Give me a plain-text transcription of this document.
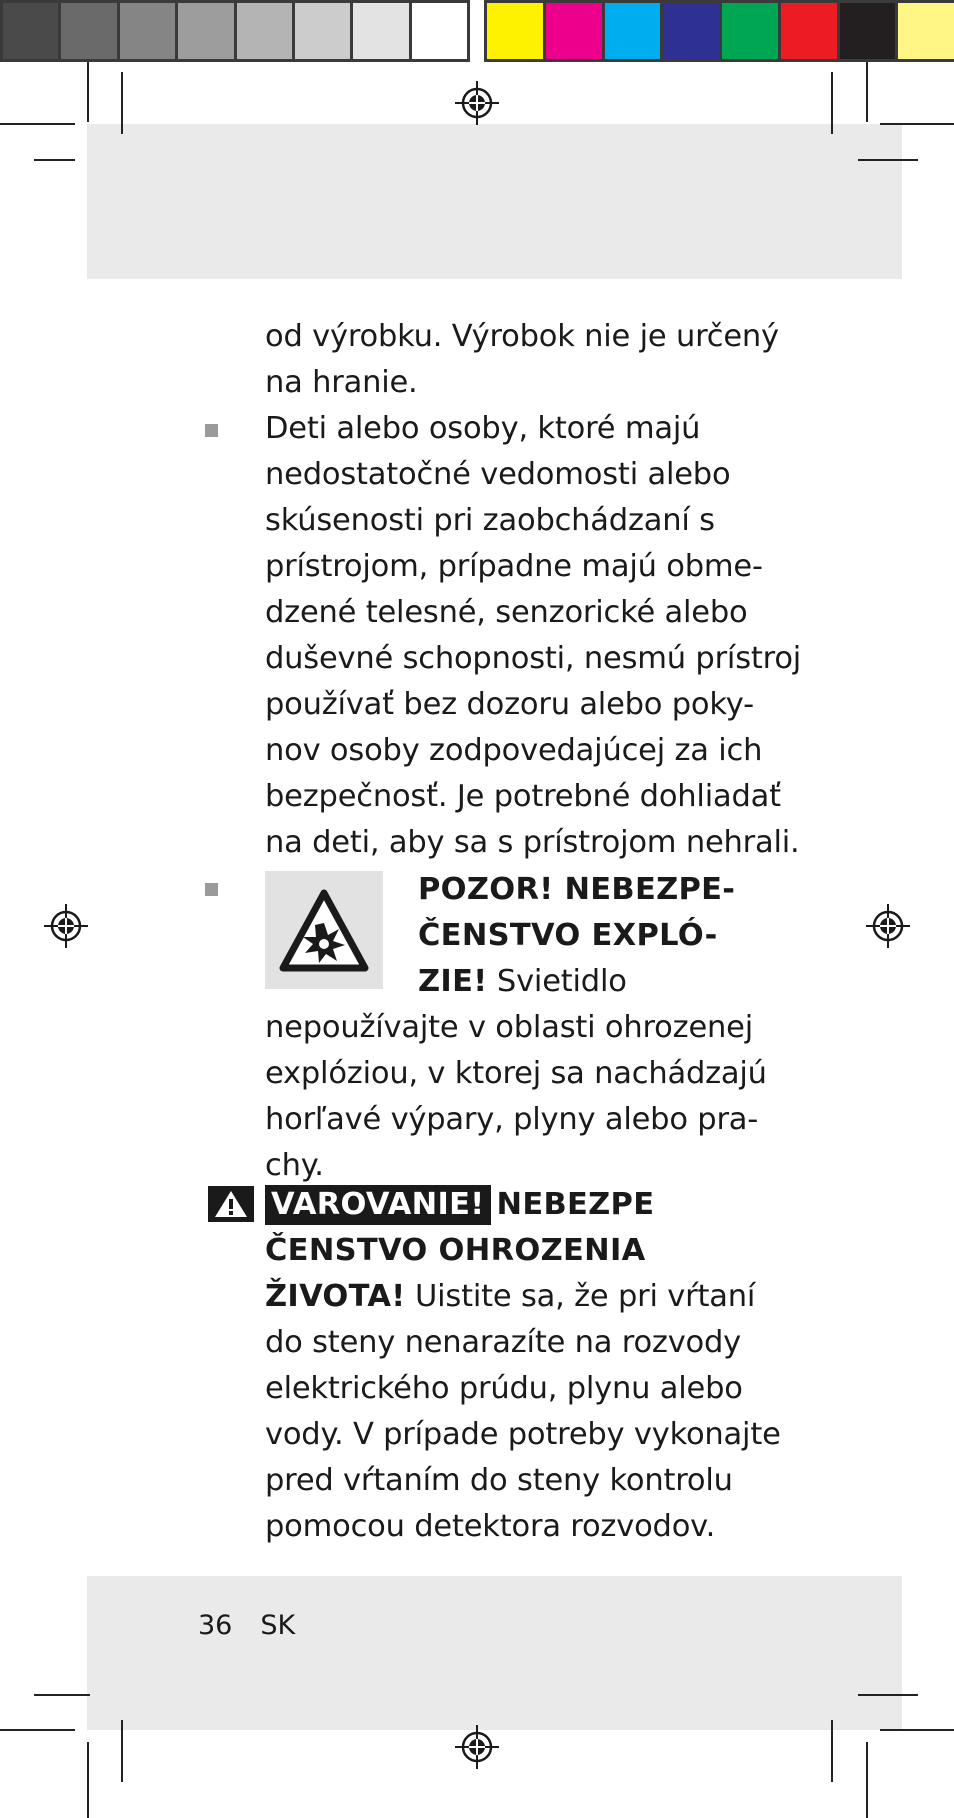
od výrobku. Výrobok nie je určený
na hranie.
Deti alebo osoby, ktoré majú
nedostatočné vedomosti alebo
skúsenosti pri zaobchádzaní s
prístrojom, prípadne majú obme-
dzené telesné, senzorické alebo
duševné schopnosti, nesmú prístroj
používať bez dozoru alebo poky-
nov osoby zodpovedajúcej za ich
bezpečnosť. Je potrebné dohliadať
na deti, aby sa s prístrojom nehrali.
POZOR! NEBEZPE-
ČENSTVO EXPLÓ-
ZIE! Svietidlo
nepoužívajte v oblasti ohrozenej
explóziou, v ktorej sa nachádzajú
horľavé výpary, plyny alebo pra-
chy.
VAROVANIE! NEBEZPE
ČENSTVO OHROZENIA
ŽIVOTA! Uistite sa, že pri vŕtaní
do steny nenarazíte na rozvody
elektrického prúdu, plynu alebo
vody. V prípade potreby vykonajte
pred vŕtaním do steny kontrolu
pomocou detektora rozvodov.
36 SK
